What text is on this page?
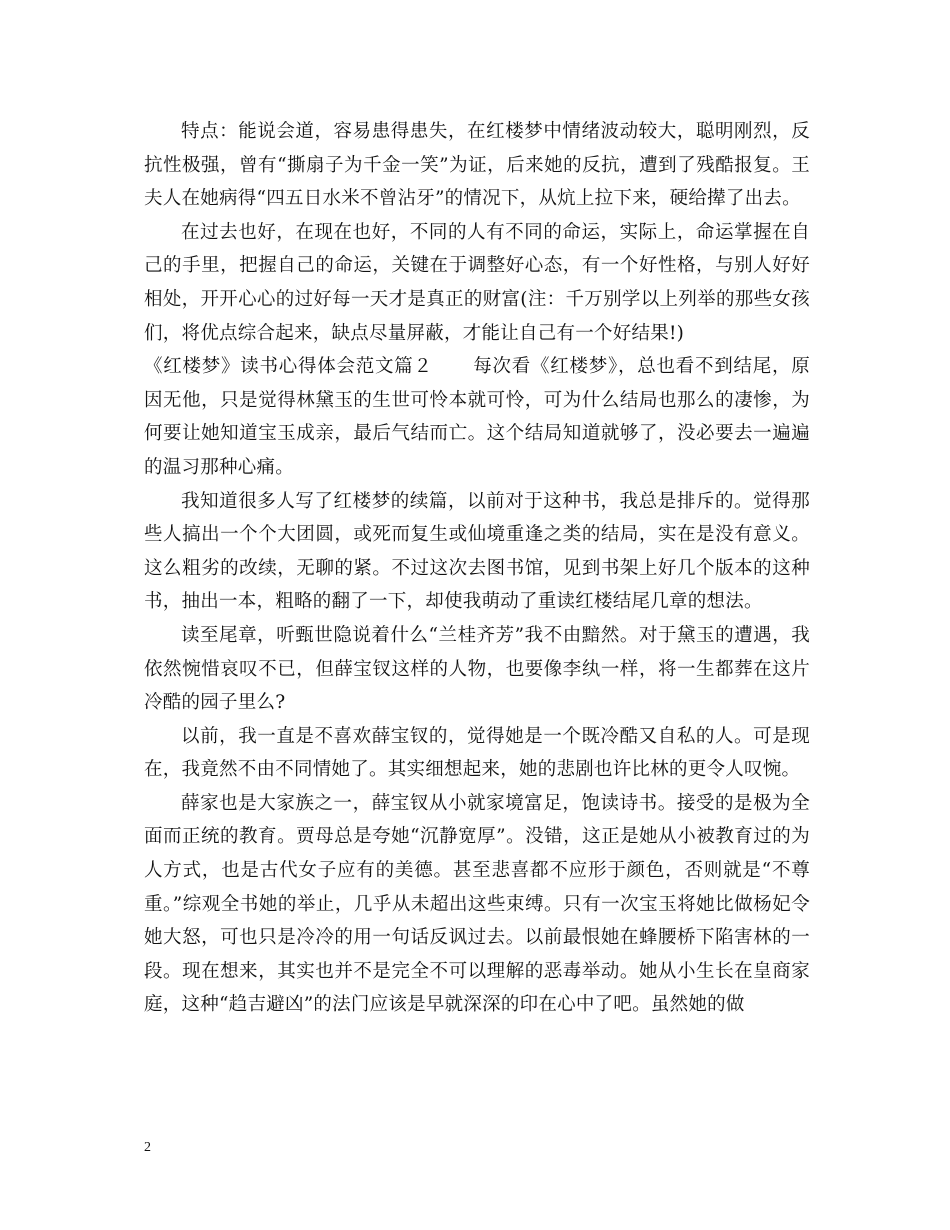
特点：能说会道，容易患得患失，在红楼梦中情绪波动较大，聪明刚烈，反抗性极强，曾有“撕扇子为千金一笑”为证，后来她的反抗，遭到了残酷报复。王夫人在她病得“四五日水米不曾沾牙”的情况下，从炕上拉下来，硬给撵了出去。

在过去也好，在现在也好，不同的人有不同的命运，实际上，命运掌握在自己的手里，把握自己的命运，关键在于调整好心态，有一个好性格，与别人好好相处，开开心心的过好每一天才是真正的财富(注：千万别学以上列举的那些女孩们，将优点综合起来，缺点尽量屏蔽，才能让自己有一个好结果!)

《红楼梦》读书心得体会范文篇２ 每次看《红楼梦》，总也看不到结尾，原因无他，只是觉得林黛玉的生世可怜本就可怜，可为什么结局也那么的凄惨，为何要让她知道宝玉成亲，最后气结而亡。这个结局知道就够了，没必要去一遍遍的温习那种心痛。

我知道很多人写了红楼梦的续篇，以前对于这种书，我总是排斥的。觉得那些人搞出一个个大团圆，或死而复生或仙境重逢之类的结局，实在是没有意义。这么粗劣的改续，无聊的紧。不过这次去图书馆，见到书架上好几个版本的这种书，抽出一本，粗略的翻了一下，却使我萌动了重读红楼结尾几章的想法。

读至尾章，听甄世隐说着什么“兰桂齐芳”我不由黯然。对于黛玉的遭遇，我依然惋惜哀叹不已，但薛宝钗这样的人物，也要像李纨一样，将一生都葬在这片冷酷的园子里么?

以前，我一直是不喜欢薛宝钗的，觉得她是一个既冷酷又自私的人。可是现在，我竟然不由不同情她了。其实细想起来，她的悲剧也许比林的更令人叹惋。

薛家也是大家族之一，薛宝钗从小就家境富足，饱读诗书。接受的是极为全面而正统的教育。贾母总是夸她“沉静宽厚”。没错，这正是她从小被教育过的为人方式，也是古代女子应有的美德。甚至悲喜都不应形于颜色，否则就是“不尊重。”综观全书她的举止，几乎从未超出这些束缚。只有一次宝玉将她比做杨妃令她大怒，可也只是冷冷的用一句话反讽过去。以前最恨她在蜂腰桥下陷害林的一段。现在想来，其实也并不是完全不可以理解的恶毒举动。她从小生长在皇商家庭，这种“趋吉避凶”的法门应该是早就深深的印在心中了吧。虽然她的做

2
